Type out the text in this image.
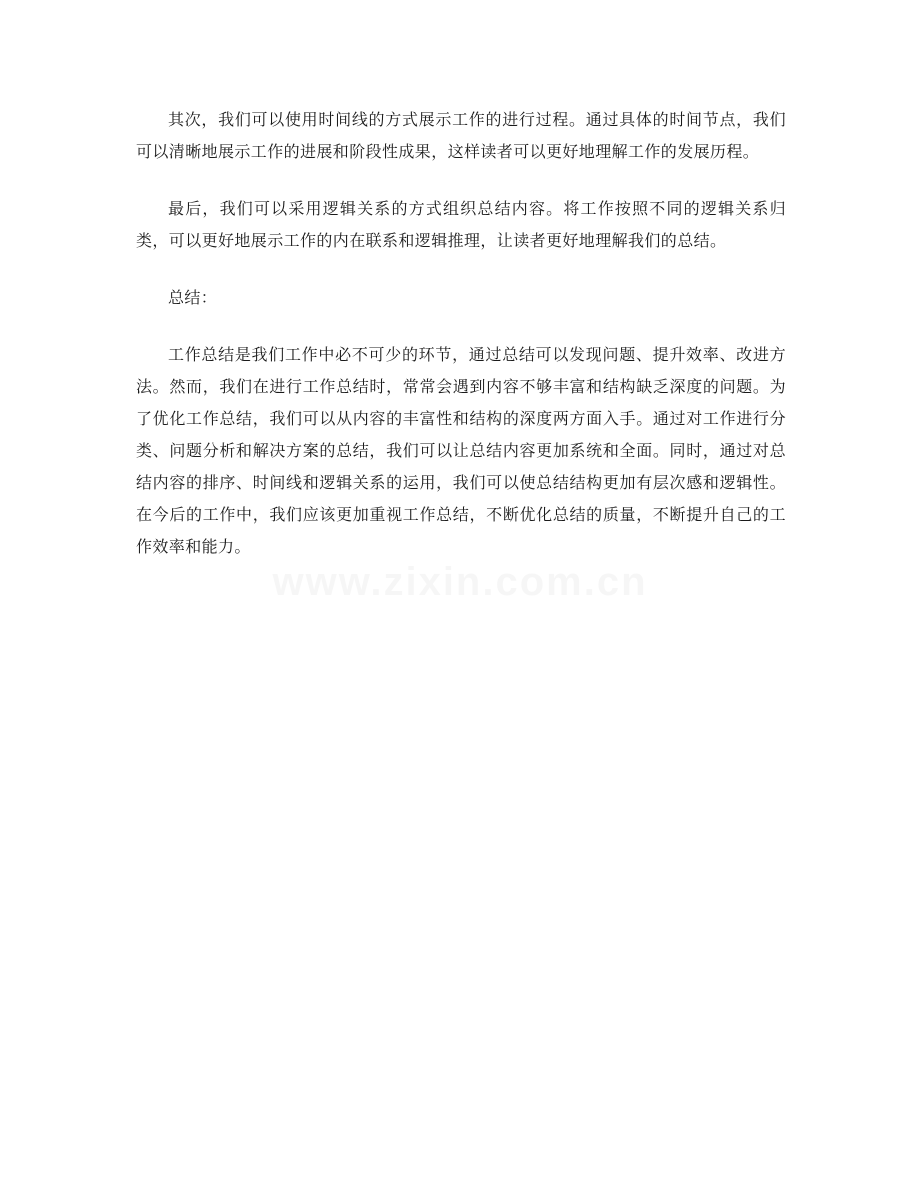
其次，我们可以使用时间线的方式展示工作的进行过程。通过具体的时间节点，我们可以清晰地展示工作的进展和阶段性成果，这样读者可以更好地理解工作的发展历程。

最后，我们可以采用逻辑关系的方式组织总结内容。将工作按照不同的逻辑关系归类，可以更好地展示工作的内在联系和逻辑推理，让读者更好地理解我们的总结。

总结：

工作总结是我们工作中必不可少的环节，通过总结可以发现问题、提升效率、改进方法。然而，我们在进行工作总结时，常常会遇到内容不够丰富和结构缺乏深度的问题。为了优化工作总结，我们可以从内容的丰富性和结构的深度两方面入手。通过对工作进行分类、问题分析和解决方案的总结，我们可以让总结内容更加系统和全面。同时，通过对总结内容的排序、时间线和逻辑关系的运用，我们可以使总结结构更加有层次感和逻辑性。在今后的工作中，我们应该更加重视工作总结，不断优化总结的质量，不断提升自己的工作效率和能力。
